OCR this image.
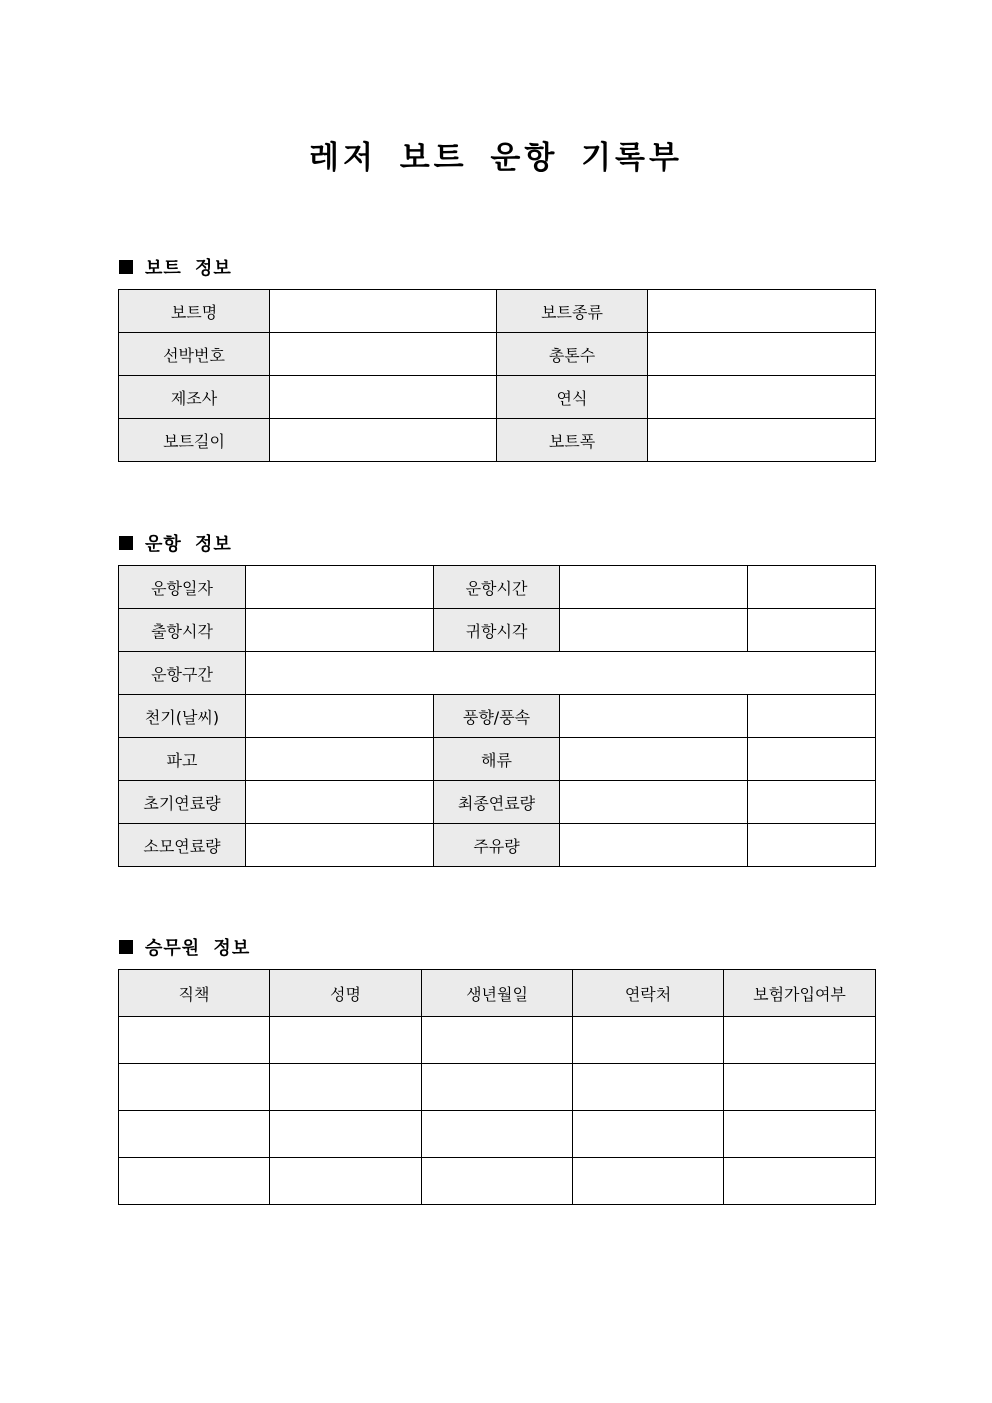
레저 보트 운항 기록부
보트 정보
보트명		보트종류	
선박번호		총톤수	
제조사		연식	
보트길이		보트폭	
운항 정보
운항일자		운항시간		
출항시각		귀항시각		
운항구간				
천기(날씨)		풍향/풍속		
파고		해류		
초기연료량		최종연료량		
소모연료량		주유량		
승무원 정보
직책	성명	생년월일	연락처	보험가입여부
